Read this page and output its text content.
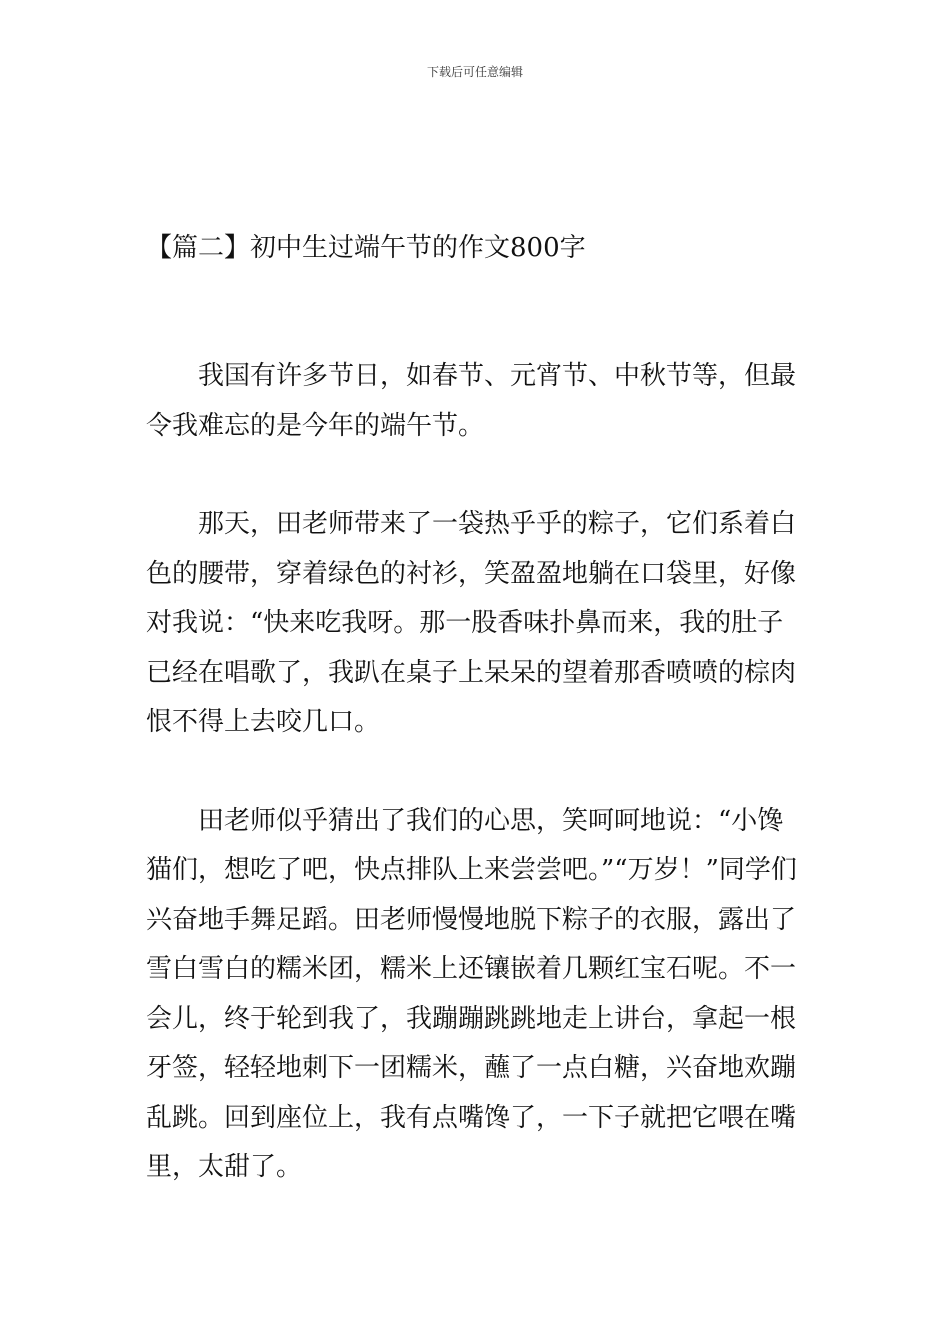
下载后可任意编辑
【篇二】初中生过端午节的作文800字

我国有许多节日，如春节、元宵节、中秋节等，但最令我难忘的是今年的端午节。

那天，田老师带来了一袋热乎乎的粽子，它们系着白色的腰带，穿着绿色的衬衫，笑盈盈地躺在口袋里，好像对我说：“快来吃我呀。那一股香味扑鼻而来，我的肚子已经在唱歌了，我趴在桌子上呆呆的望着那香喷喷的棕肉恨不得上去咬几口。

田老师似乎猜出了我们的心思，笑呵呵地说：“小馋猫们，想吃了吧，快点排队上来尝尝吧。”“万岁！”同学们兴奋地手舞足蹈。田老师慢慢地脱下粽子的衣服，露出了雪白雪白的糯米团，糯米上还镶嵌着几颗红宝石呢。不一会儿，终于轮到我了，我蹦蹦跳跳地走上讲台，拿起一根牙签，轻轻地刺下一团糯米，蘸了一点白糖，兴奋地欢蹦乱跳。回到座位上，我有点嘴馋了，一下子就把它喂在嘴里，太甜了。
